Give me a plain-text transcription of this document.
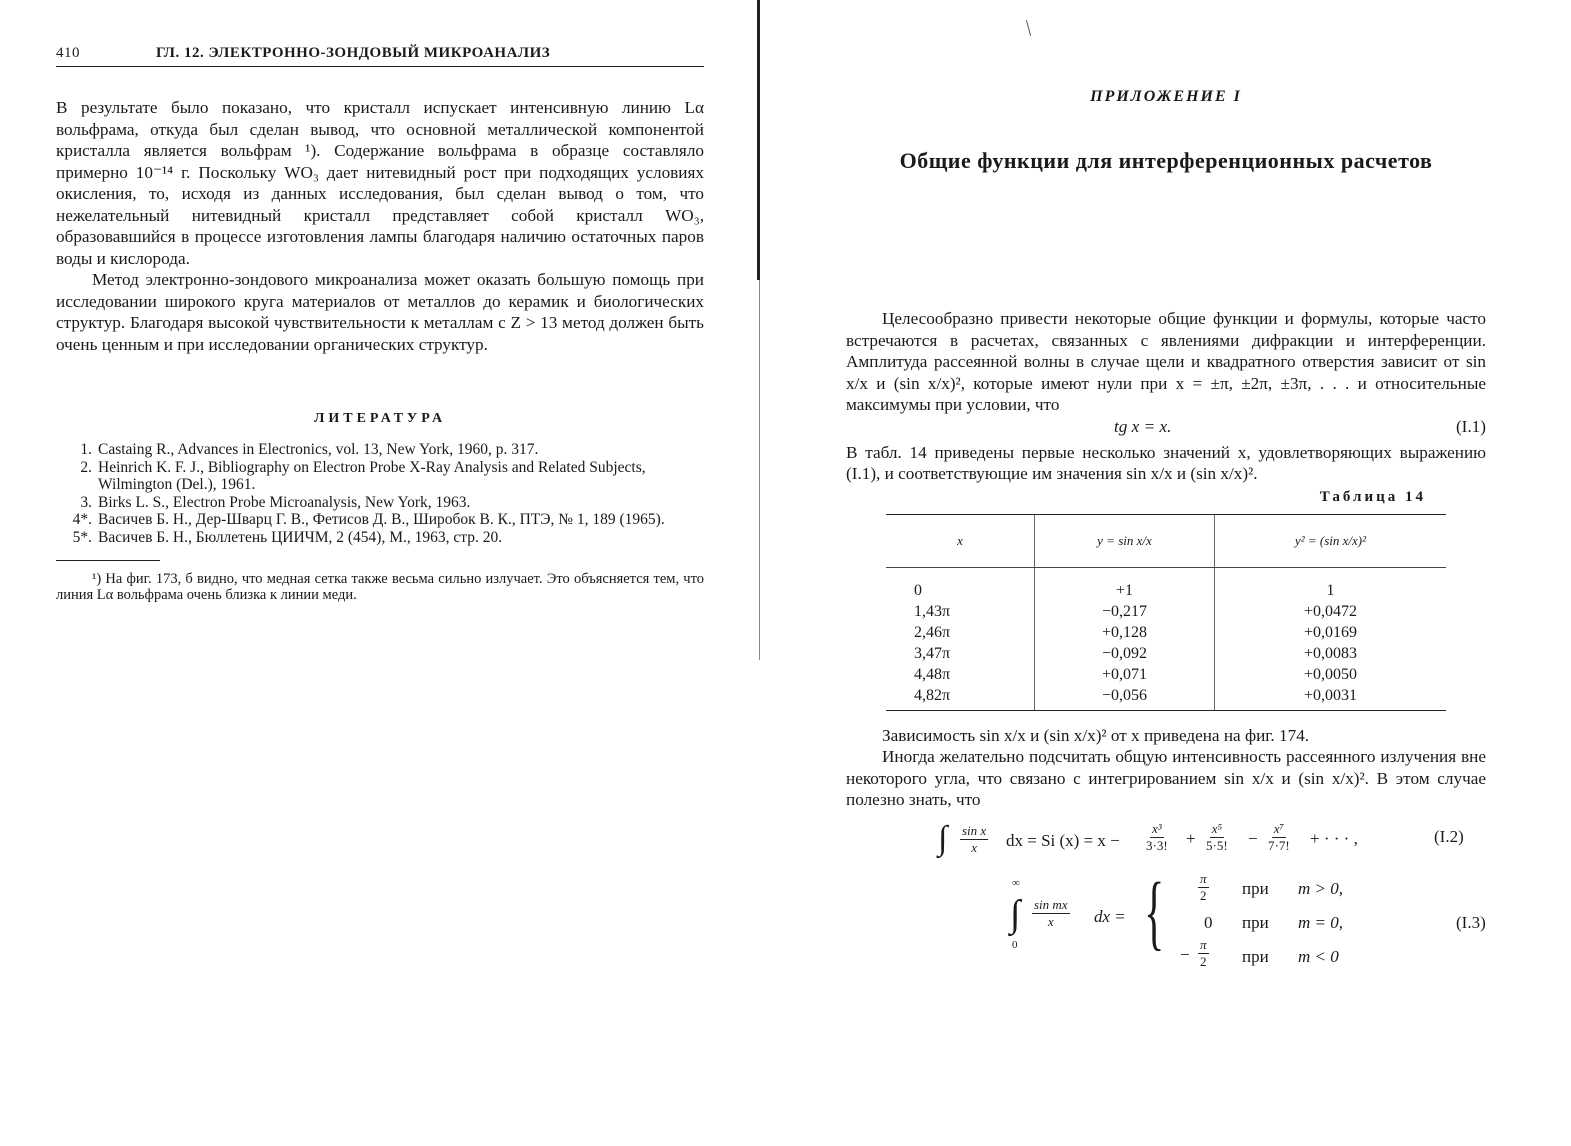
410	ГЛ. 12. ЭЛЕКТРОННО-ЗОНДОВЫЙ МИКРОАНАЛИЗ

В результате было показано, что кристалл испускает интенсивную линию Lα вольфрама, откуда был сделан вывод, что основной металлической компонентой кристалла является вольфрам ¹). Содержание вольфрама в образце составляло примерно 10⁻¹⁴ г. Поскольку WO₃ дает нитевидный рост при подходящих условиях окисления, то, исходя из данных исследования, был сделан вывод о том, что нежелательный нитевидный кристалл представляет собой кристалл WO₃, образовавшийся в процессе изготовления лампы благодаря наличию остаточных паров воды и кислорода.

Метод электронно-зондового микроанализа может оказать большую помощь при исследовании широкого круга материалов от металлов до керамик и биологических структур. Благодаря высокой чувствительности к металлам с Z > 13 метод должен быть очень ценным и при исследовании органических структур.

ЛИТЕРАТУРА
1. Castaing R., Advances in Electronics, vol. 13, New York, 1960, p. 317.
2. Heinrich K. F. J., Bibliography on Electron Probe X-Ray Analysis and Related Subjects, Wilmington (Del.), 1961.
3. Birks L. S., Electron Probe Microanalysis, New York, 1963.
4*. Васичев Б. Н., Дер-Шварц Г. В., Фетисов Д. В., Широбок В. К., ПТЭ, № 1, 189 (1965).
5*. Васичев Б. Н., Бюллетень ЦИИЧМ, 2 (454), М., 1963, стр. 20.

¹) На фиг. 173, б видно, что медная сетка также весьма сильно излучает. Это объясняется тем, что линия Lα вольфрама очень близка к линии меди.

ПРИЛОЖЕНИЕ I
Общие функции для интерференционных расчетов

Целесообразно привести некоторые общие функции и формулы, которые часто встречаются в расчетах, связанных с явлениями дифракции и интерференции. Амплитуда рассеянной волны в случае щели и квадратного отверстия зависит от sin x/x и (sin x/x)², которые имеют нули при x = ±π, ±2π, ±3π, . . . и относительные максимумы при условии, что

tg x = x.	(I.1)

В табл. 14 приведены первые несколько значений x, удовлетворяющих выражению (I.1), и соответствующие им значения sin x/x и (sin x/x)².

Таблица 14
x	y = sin x/x	y² = (sin x/x)²
0	+1	1
1,43π	−0,217	+0,0472
2,46π	+0,128	+0,0169
3,47π	−0,092	+0,0083
4,48π	+0,071	+0,0050
4,82π	−0,056	+0,0031

Зависимость sin x/x и (sin x/x)² от x приведена на фиг. 174.

Иногда желательно подсчитать общую интенсивность рассеянного излучения вне некоторого угла, что связано с интегрированием sin x/x и (sin x/x)². В этом случае полезно знать, что

∫ $\frac{\text{sin x}}{x}$ dx = Si $(x) = x - \frac{\text{x³}}{3\cdot 3!} + \frac{\text{x⁵}}{5\cdot 5!} - \frac{\text{x⁷}}{7\cdot 7!}$ + · · · ,	(I.2)
∞
∫
0
$\frac{\text{sin mx}}{x}$ dx = {	$\frac{\pi}{2}$ при m > 0,
0 при m = 0,
− $\frac{\pi}{2}$ при m < 0
(I.3)
